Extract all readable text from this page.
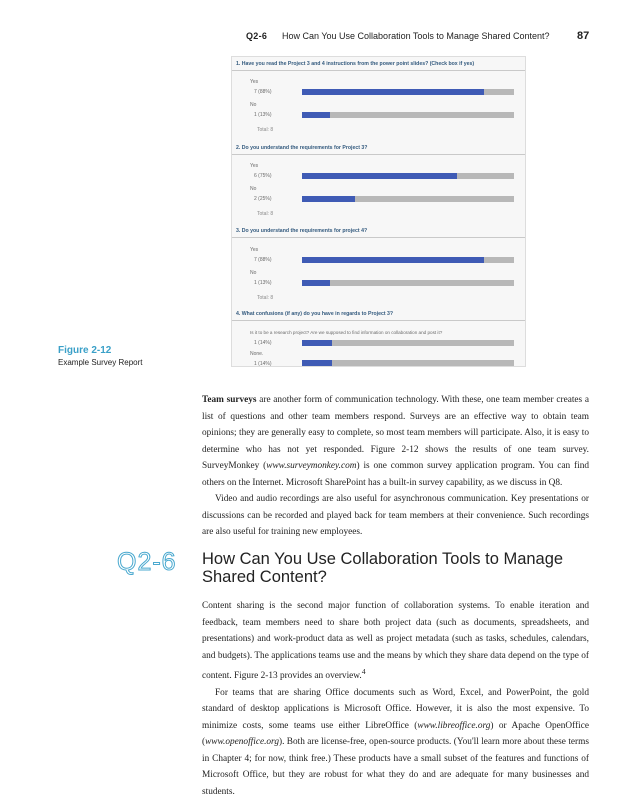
Q2-6 How Can You Use Collaboration Tools to Manage Shared Content? 87
1. Have you read the Project 3 and 4 instructions from the power point slides? (Check box if yes)
Yes
7 (88%)
No
1 (13%)
Total: 8
2. Do you understand the requirements for Project 3?
Yes
6 (75%)
No
2 (25%)
Total: 8
3. Do you understand the requirements for project 4?
Yes
7 (88%)
No
1 (13%)
Total: 8
4. What confusions (if any) do you have in regards to Project 3?
Is it to be a research project? Are we supposed to find information on collaboration and post it?
1 (14%)
None.
1 (14%)
Figure 2-12
Example Survey Report

Team surveys are another form of communication technology. With these, one team member creates a list of questions and other team members respond. Surveys are an effective way to obtain team opinions; they are generally easy to complete, so most team members will participate. Also, it is easy to determine who has not yet responded. Figure 2-12 shows the results of one team survey. SurveyMonkey (www.surveymonkey.com) is one common survey application program. You can find others on the Internet. Microsoft SharePoint has a built-in survey capability, as we discuss in Q8.

Video and audio recordings are also useful for asynchronous communication. Key presentations or discussions can be recorded and played back for team members at their convenience. Such recordings are also useful for training new employees.

Q2-6 How Can You Use Collaboration Tools to Manage Shared Content?

Content sharing is the second major function of collaboration systems. To enable iteration and feedback, team members need to share both project data (such as documents, spreadsheets, and presentations) and work-product data as well as project metadata (such as tasks, schedules, calendars, and budgets). The applications teams use and the means by which they share data depend on the type of content. Figure 2-13 provides an overview.$^4$

For teams that are sharing Office documents such as Word, Excel, and PowerPoint, the gold standard of desktop applications is Microsoft Office. However, it is also the most expensive. To minimize costs, some teams use either LibreOffice (www.libreoffice.org) or Apache OpenOffice (www.openoffice.org). Both are license-free, open-source products. (You'll learn more about these terms in Chapter 4; for now, think free.) These products have a small subset of the features and functions of Microsoft Office, but they are robust for what they do and are adequate for many businesses and students.
